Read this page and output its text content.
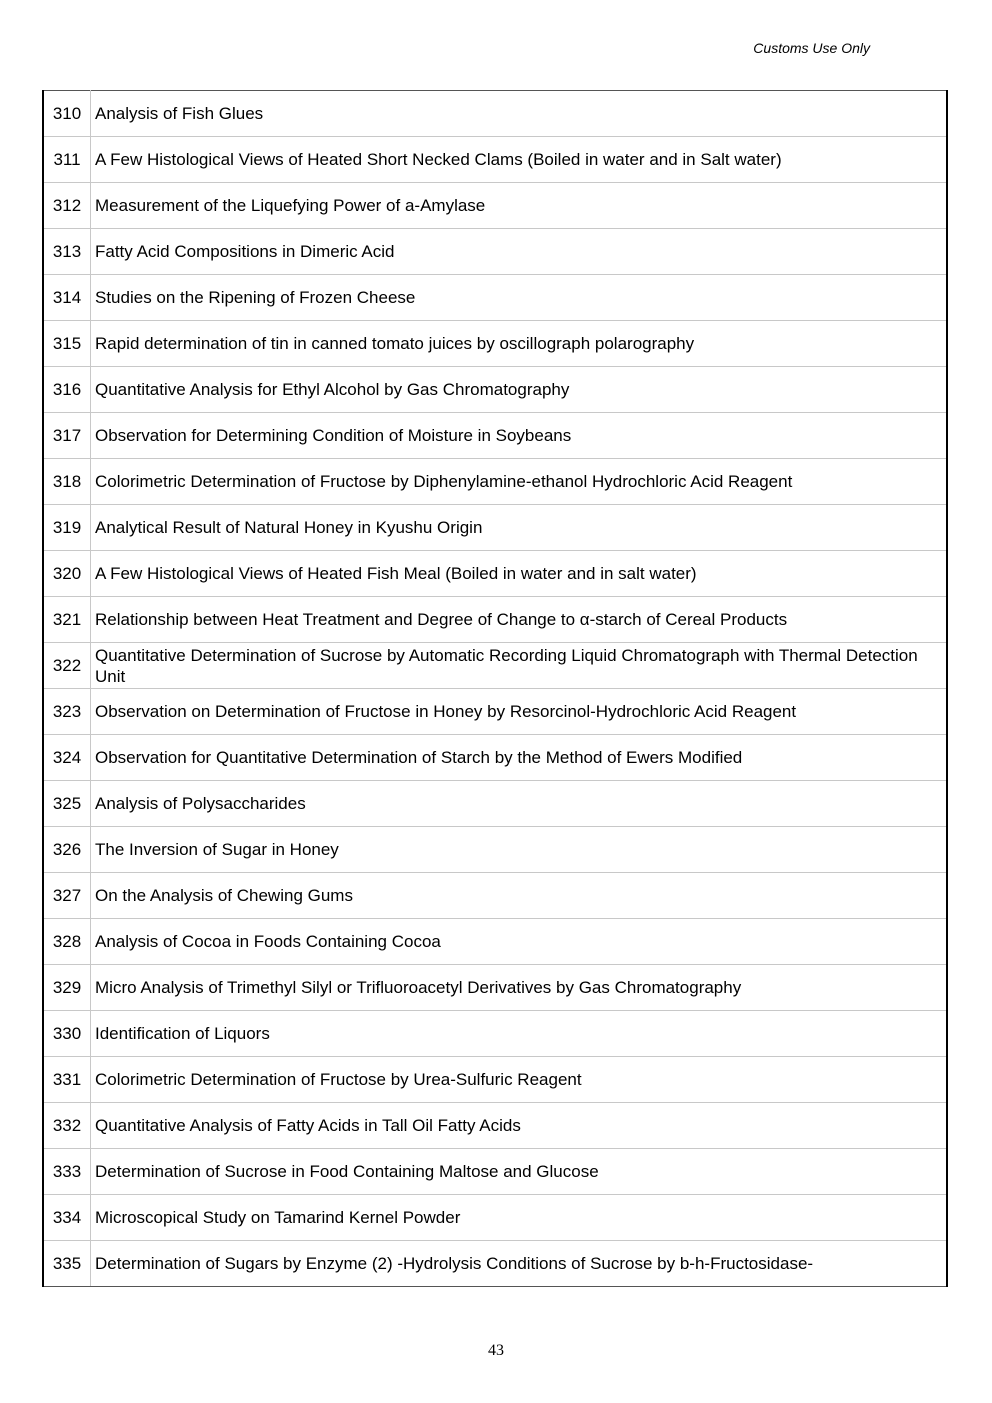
Customs Use Only
310	Analysis of Fish Glues
311	A Few Histological Views of Heated Short Necked Clams (Boiled in water and in Salt water)
312	Measurement of the Liquefying Power of a-Amylase
313	Fatty Acid Compositions in Dimeric Acid
314	Studies on the Ripening of Frozen Cheese
315	Rapid determination of tin in canned tomato juices by oscillograph polarography
316	Quantitative Analysis for Ethyl Alcohol by Gas Chromatography
317	Observation for Determining Condition of Moisture in Soybeans
318	Colorimetric Determination of Fructose by Diphenylamine-ethanol Hydrochloric Acid Reagent
319	Analytical Result of Natural Honey in Kyushu Origin
320	A Few Histological Views of Heated Fish Meal (Boiled in water and in salt water)
321	Relationship between Heat Treatment and Degree of Change to α-starch of Cereal Products
322	Quantitative Determination of Sucrose by Automatic Recording Liquid Chromatograph with Thermal Detection Unit
323	Observation on Determination of Fructose in Honey by Resorcinol-Hydrochloric Acid Reagent
324	Observation for Quantitative Determination of Starch by the Method of Ewers Modified
325	Analysis of Polysaccharides
326	The Inversion of Sugar in Honey
327	On the Analysis of Chewing Gums
328	Analysis of Cocoa in Foods Containing Cocoa
329	Micro Analysis of Trimethyl Silyl or Trifluoroacetyl Derivatives by Gas Chromatography
330	Identification of Liquors
331	Colorimetric Determination of Fructose by Urea-Sulfuric Reagent
332	Quantitative Analysis of Fatty Acids in Tall Oil Fatty Acids
333	Determination of Sucrose in Food Containing Maltose and Glucose
334	Microscopical Study on Tamarind Kernel Powder
335	Determination of Sugars by Enzyme (2) -Hydrolysis Conditions of Sucrose by b-h-Fructosidase-
43
